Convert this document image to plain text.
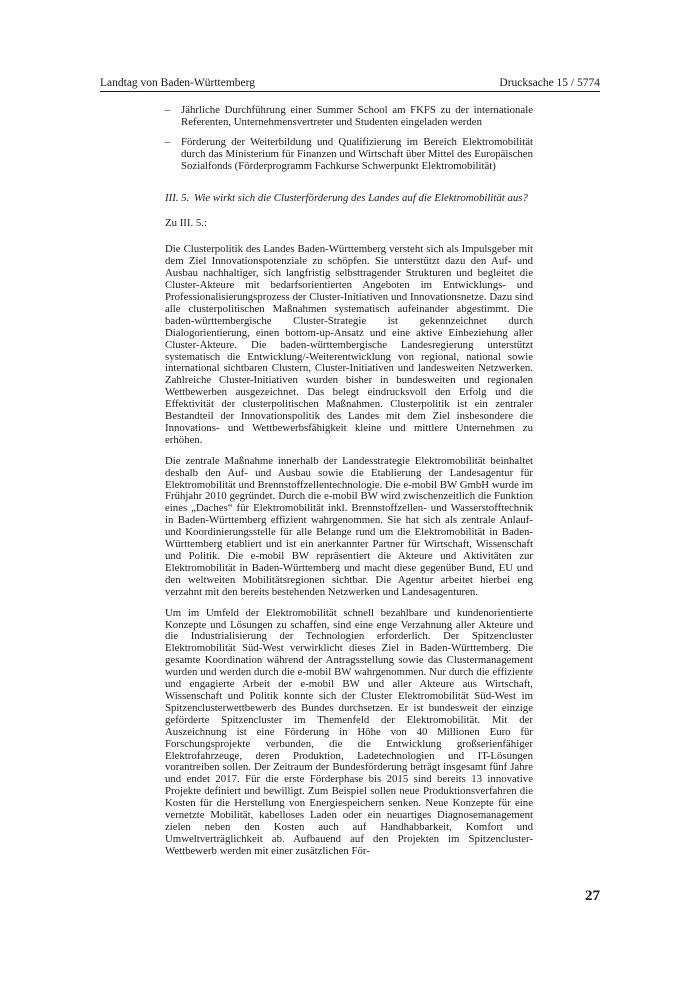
Landtag von Baden-Württemberg	Drucksache 15 / 5774
– Jährliche Durchführung einer Summer School am FKFS zu der internationale Referenten, Unternehmensvertreter und Studenten eingeladen werden
– Förderung der Weiterbildung und Qualifizierung im Bereich Elektromobilität durch das Ministerium für Finanzen und Wirtschaft über Mittel des Europäischen Sozialfonds (Förderprogramm Fachkurse Schwerpunkt Elektromobilität)
III. 5. Wie wirkt sich die Clusterförderung des Landes auf die Elektromobilität aus?
Zu III. 5.:

Die Clusterpolitik des Landes Baden-Württemberg versteht sich als Impulsgeber mit dem Ziel Innovationspotenziale zu schöpfen. Sie unterstützt dazu den Auf- und Ausbau nachhaltiger, sich langfristig selbsttragender Strukturen und begleitet die Cluster-Akteure mit bedarfsorientierten Angeboten im Entwicklungs- und Professionalisierungsprozess der Cluster-Initiativen und Innovationsnetze. Dazu sind alle clusterpolitischen Maßnahmen systematisch aufeinander abgestimmt. Die baden-württembergische Cluster-Strategie ist gekennzeichnet durch Dialogorientierung, einen bottom-up-Ansatz und eine aktive Einbeziehung aller Cluster-Akteure. Die baden-württembergische Landesregierung unterstützt systematisch die Entwicklung/-Weiterentwicklung von regional, national sowie international sichtbaren Clustern, Cluster-Initiativen und landesweiten Netzwerken. Zahlreiche Cluster-Initiativen wurden bisher in bundesweiten und regionalen Wettbewerben ausgezeichnet. Das belegt eindrucksvoll den Erfolg und die Effektivität der clusterpolitischen Maßnahmen. Clusterpolitik ist ein zentraler Bestandteil der Innovationspolitik des Landes mit dem Ziel insbesondere die Innovations- und Wettbewerbsfähigkeit kleine und mittlere Unternehmen zu erhöhen.

Die zentrale Maßnahme innerhalb der Landesstrategie Elektromobilität beinhaltet deshalb den Auf- und Ausbau sowie die Etablierung der Landesagentur für Elektromobilität und Brennstoffzellentechnologie. Die e-mobil BW GmbH wurde im Frühjahr 2010 gegründet. Durch die e-mobil BW wird zwischenzeitlich die Funktion eines „Daches“ für Elektromobilität inkl. Brennstoffzellen- und Wasserstofftechnik in Baden-Württemberg effizient wahrgenommen. Sie hat sich als zentrale Anlauf- und Koordinierungsstelle für alle Belange rund um die Elektromobilität in Baden-Württemberg etabliert und ist ein anerkannter Partner für Wirtschaft, Wissenschaft und Politik. Die e-mobil BW repräsentiert die Akteure und Aktivitäten zur Elektromobilität in Baden-Württemberg und macht diese gegenüber Bund, EU und den weltweiten Mobilitätsregionen sichtbar. Die Agentur arbeitet hierbei eng verzahnt mit den bereits bestehenden Netzwerken und Landesagenturen.

Um im Umfeld der Elektromobilität schnell bezahlbare und kundenorientierte Konzepte und Lösungen zu schaffen, sind eine enge Verzahnung aller Akteure und die Industrialisierung der Technologien erforderlich. Der Spitzencluster Elektromobilität Süd-West verwirklicht dieses Ziel in Baden-Württemberg. Die gesamte Koordination während der Antragsstellung sowie das Clustermanagement wurden und werden durch die e-mobil BW wahrgenommen. Nur durch die effiziente und engagierte Arbeit der e-mobil BW und aller Akteure aus Wirtschaft, Wissenschaft und Politik konnte sich der Cluster Elektromobilität Süd-West im Spitzenclusterwettbewerb des Bundes durchsetzen. Er ist bundesweit der einzige geförderte Spitzencluster im Themenfeld der Elektromobilität. Mit der Auszeichnung ist eine Förderung in Höhe von 40 Millionen Euro für Forschungsprojekte verbunden, die die Entwicklung großserienfähiger Elektrofahrzeuge, deren Produktion, Ladetechnologien und IT-Lösungen vorantreiben sollen. Der Zeitraum der Bundesförderung beträgt insgesamt fünf Jahre und endet 2017. Für die erste Förderphase bis 2015 sind bereits 13 innovative Projekte definiert und bewilligt. Zum Beispiel sollen neue Produktionsverfahren die Kosten für die Herstellung von Energiespeichern senken. Neue Konzepte für eine vernetzte Mobilität, kabelloses Laden oder ein neuartiges Diagnosemanagement zielen neben den Kosten auch auf Handhabbarkeit, Komfort und Umweltverträglichkeit ab. Aufbauend auf den Projekten im Spitzencluster-Wettbewerb werden mit einer zusätzlichen För-

27
